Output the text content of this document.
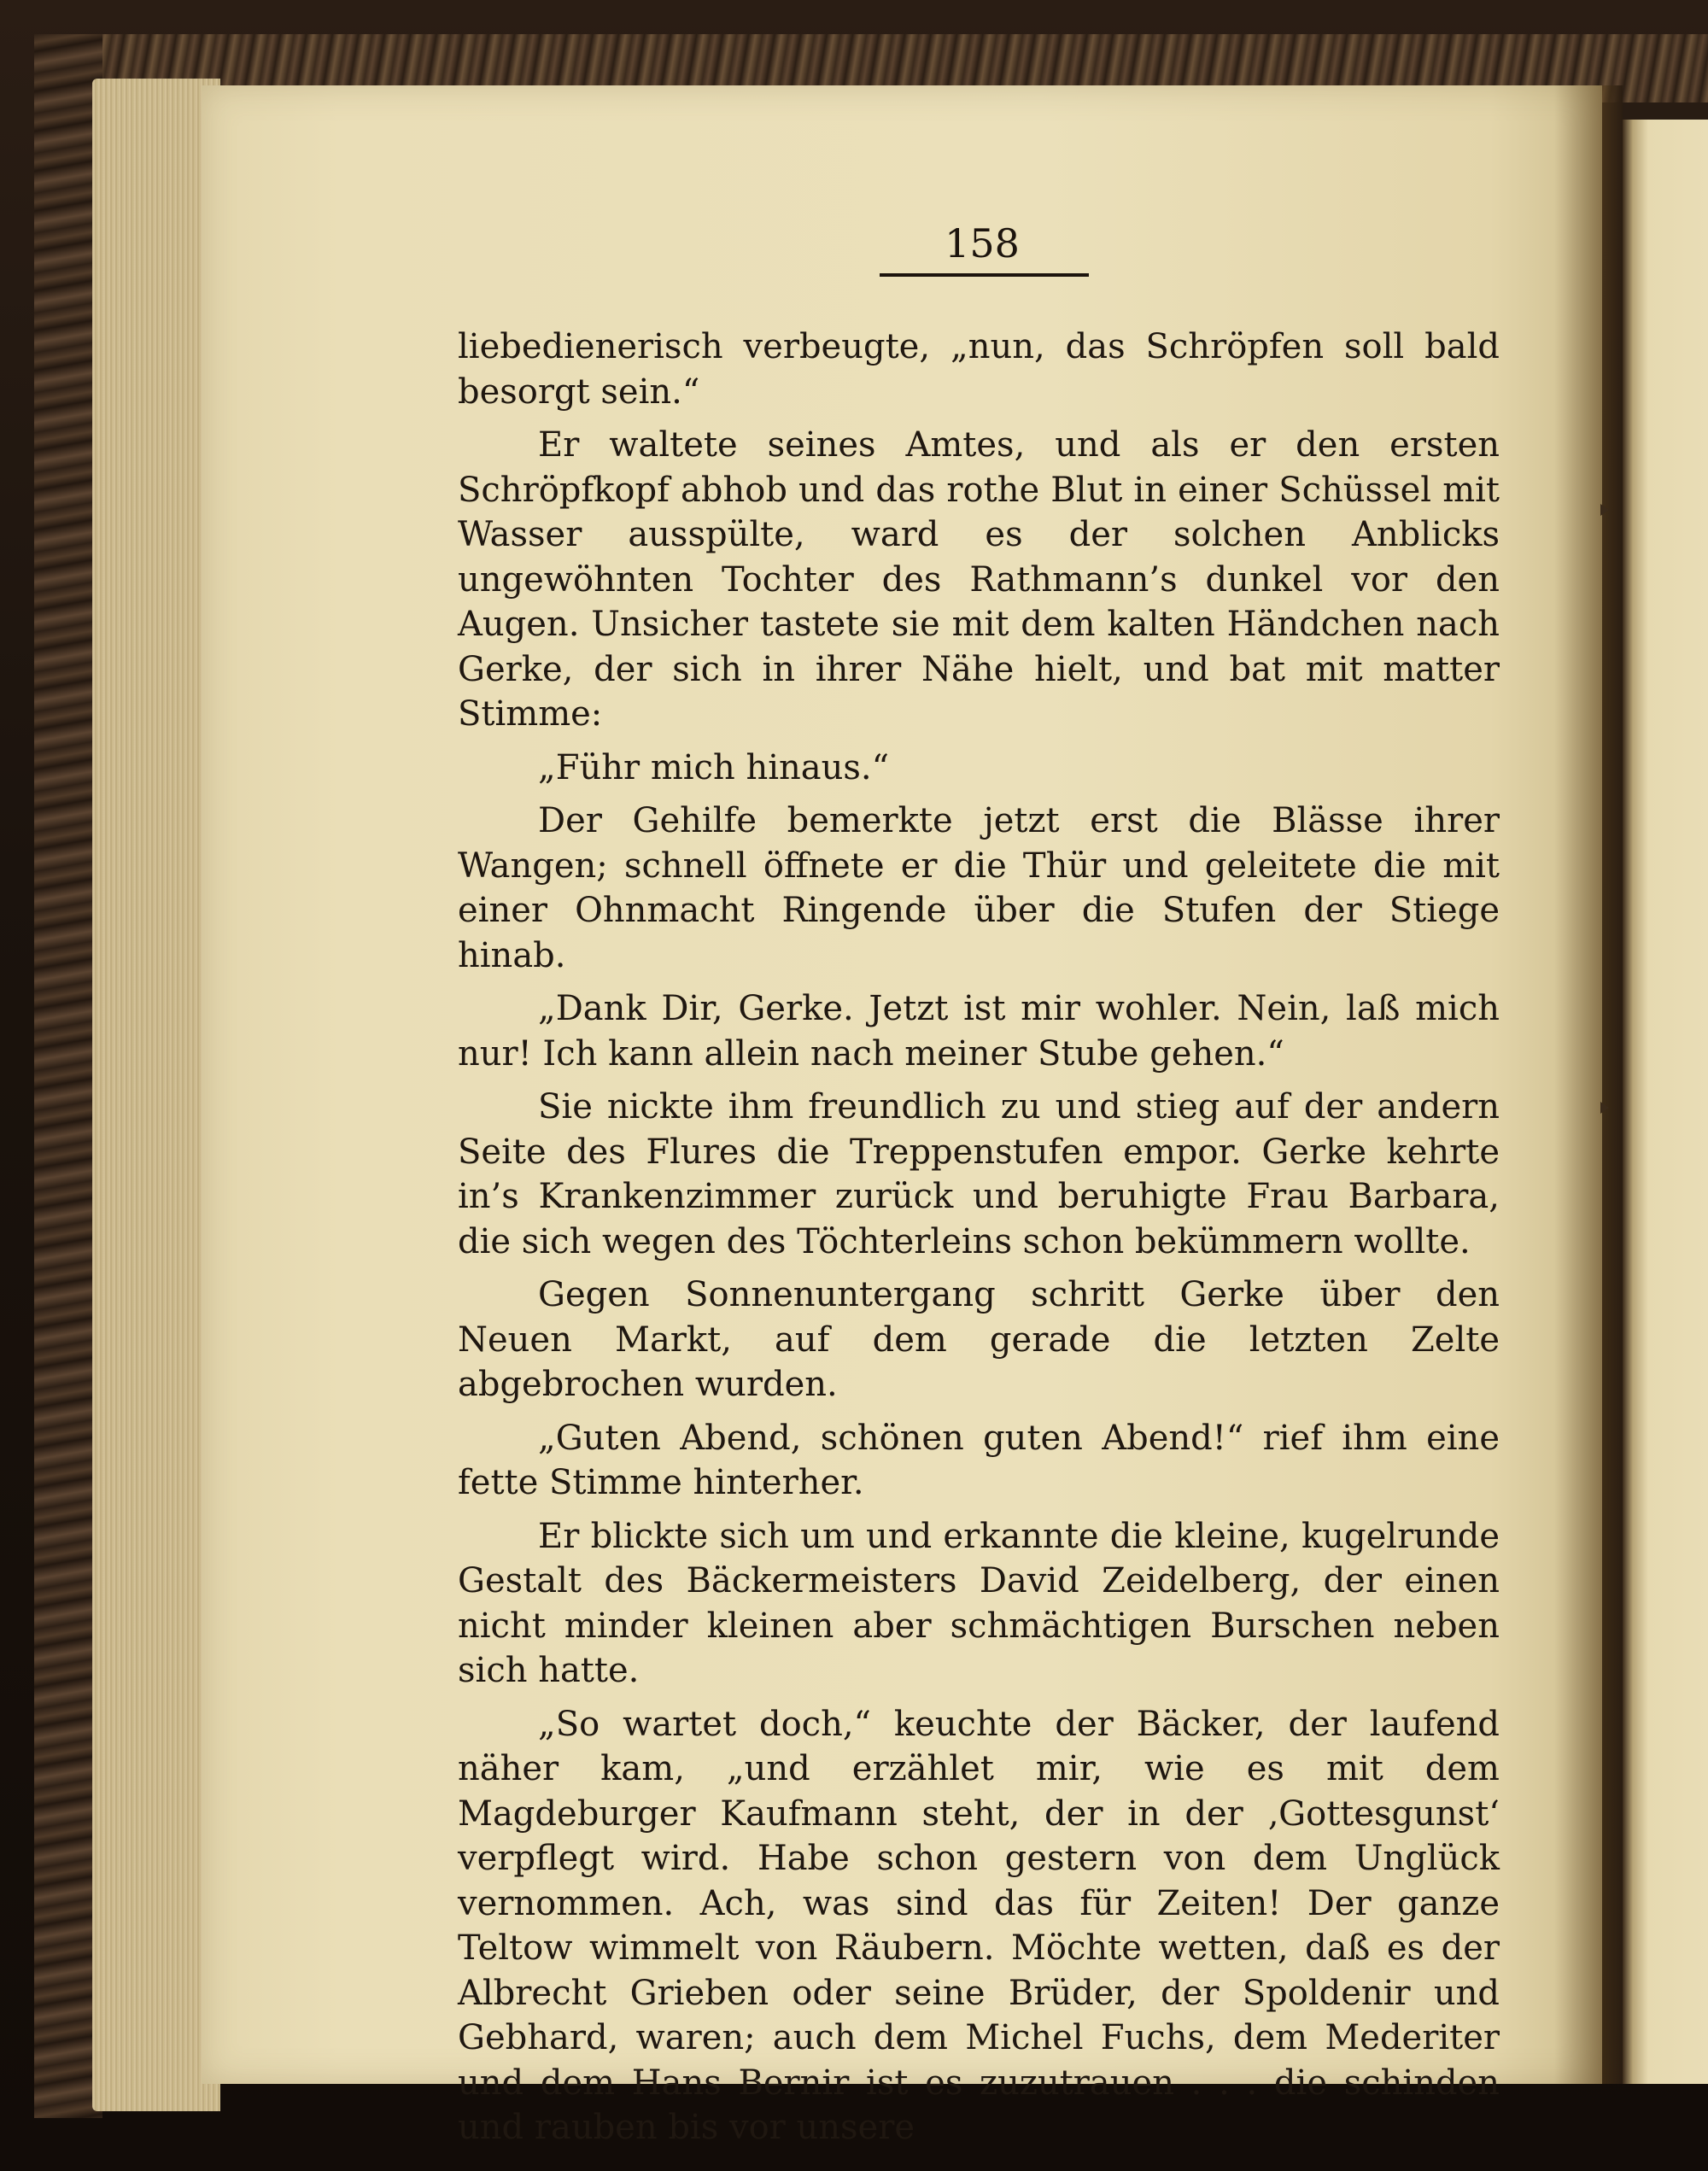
158

liebedienerisch verbeugte, „nun, das Schröpfen soll bald besorgt sein.“

Er waltete seines Amtes, und als er den ersten Schröpfkopf abhob und das rothe Blut in einer Schüssel mit Wasser ausspülte, ward es der solchen Anblicks ungewöhnten Tochter des Rathmann’s dunkel vor den Augen. Unsicher tastete sie mit dem kalten Händchen nach Gerke, der sich in ihrer Nähe hielt, und bat mit matter Stimme:

„Führ mich hinaus.“

Der Gehilfe bemerkte jetzt erst die Blässe ihrer Wangen; schnell öffnete er die Thür und geleitete die mit einer Ohnmacht Ringende über die Stufen der Stiege hinab.

„Dank Dir, Gerke. Jetzt ist mir wohler. Nein, laß mich nur! Ich kann allein nach meiner Stube gehen.“

Sie nickte ihm freundlich zu und stieg auf der andern Seite des Flures die Treppenstufen empor. Gerke kehrte in’s Krankenzimmer zurück und beruhigte Frau Barbara, die sich wegen des Töchterleins schon bekümmern wollte.

Gegen Sonnenuntergang schritt Gerke über den Neuen Markt, auf dem gerade die letzten Zelte abgebrochen wurden.

„Guten Abend, schönen guten Abend!“ rief ihm eine fette Stimme hinterher.

Er blickte sich um und erkannte die kleine, kugelrunde Gestalt des Bäckermeisters David Zeidelberg, der einen nicht minder kleinen aber schmächtigen Burschen neben sich hatte.

„So wartet doch,“ keuchte der Bäcker, der laufend näher kam, „und erzählet mir, wie es mit dem Magdeburger Kaufmann steht, der in der ‚Gottesgunst‘ verpflegt wird. Habe schon gestern von dem Unglück vernommen. Ach, was sind das für Zeiten! Der ganze Teltow wimmelt von Räubern. Möchte wetten, daß es der Albrecht Grieben oder seine Brüder, der Spoldenir und Gebhard, waren; auch dem Michel Fuchs, dem Mederiter und dem Hans Bernir ist es zuzutrauen . . . die schinden und rauben bis vor unsere
